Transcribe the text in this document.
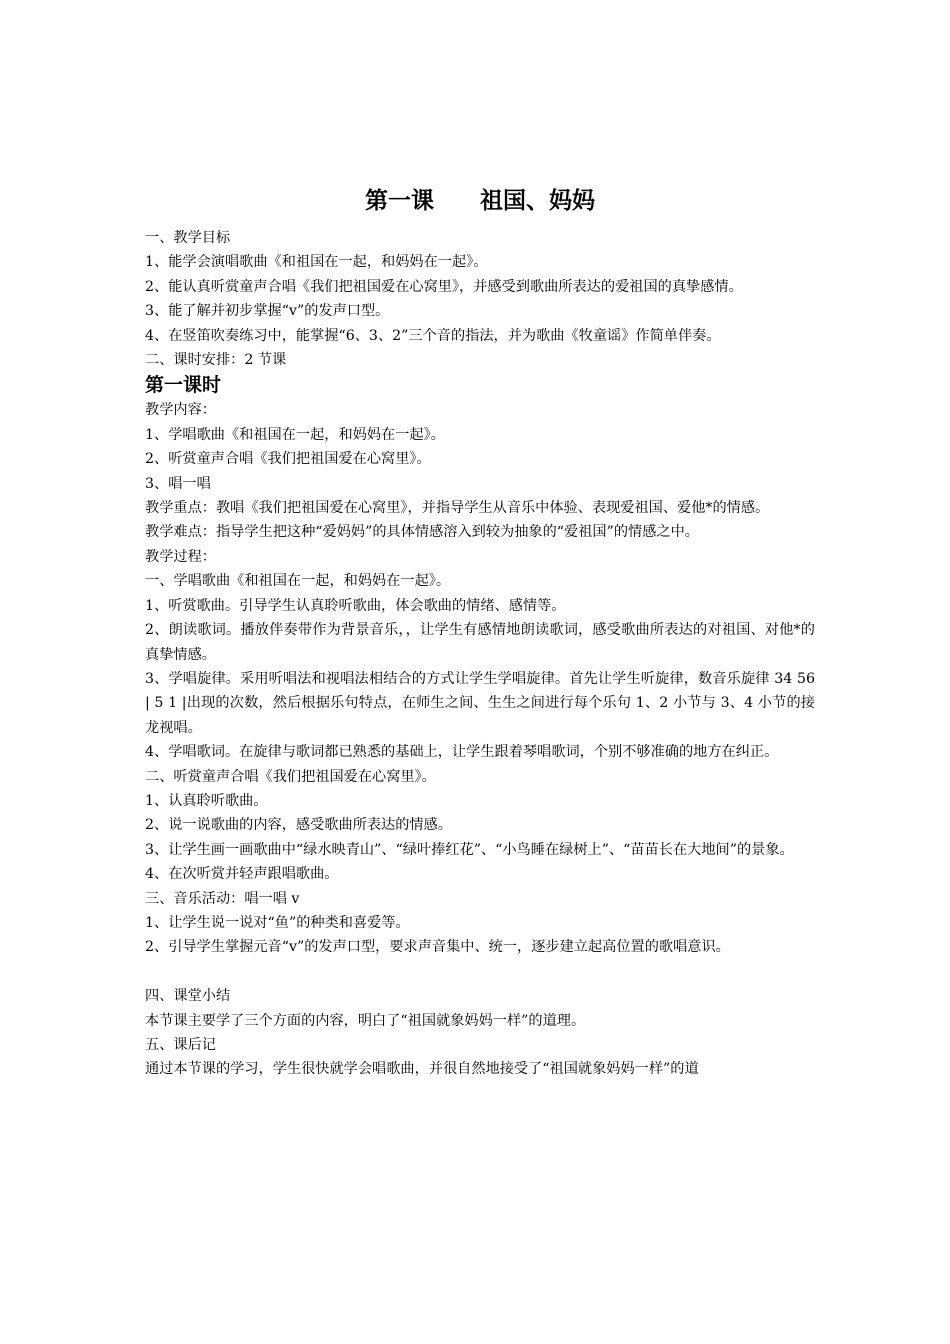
第一课　　祖国、妈妈
一、教学目标
1、能学会演唱歌曲《和祖国在一起，和妈妈在一起》。
2、能认真听赏童声合唱《我们把祖国爱在心窝里》，并感受到歌曲所表达的爱祖国的真挚感情。
3、能了解并初步掌握“v”的发声口型。
4、在竖笛吹奏练习中，能掌握“6、3、2”三个音的指法，并为歌曲《牧童谣》作简单伴奏。
二、课时安排：2 节课
第一课时
教学内容：
1、学唱歌曲《和祖国在一起，和妈妈在一起》。
2、听赏童声合唱《我们把祖国爱在心窝里》。
3、唱一唱
教学重点：教唱《我们把祖国爱在心窝里》，并指导学生从音乐中体验、表现爱祖国、爱他*的情感。
教学难点：指导学生把这种“爱妈妈”的具体情感溶入到较为抽象的“爱祖国”的情感之中。
教学过程：
一、学唱歌曲《和祖国在一起，和妈妈在一起》。
1、听赏歌曲。引导学生认真聆听歌曲，体会歌曲的情绪、感情等。
2、朗读歌词。播放伴奏带作为背景音乐，，让学生有感情地朗读歌词，感受歌曲所表达的对祖国、对他*的真挚情感。
3、学唱旋律。采用听唱法和视唱法相结合的方式让学生学唱旋律。首先让学生听旋律，数音乐旋律 34 56 | 5 1 |出现的次数，然后根据乐句特点，在师生之间、生生之间进行每个乐句 1、2 小节与 3、4 小节的接龙视唱。
4、学唱歌词。在旋律与歌词都已熟悉的基础上，让学生跟着琴唱歌词，个别不够准确的地方在纠正。
二、听赏童声合唱《我们把祖国爱在心窝里》。
1、认真聆听歌曲。
2、说一说歌曲的内容，感受歌曲所表达的情感。
3、让学生画一画歌曲中“绿水映青山”、“绿叶捧红花”、“小鸟睡在绿树上”、“苗苗长在大地间”的景象。
4、在次听赏并轻声跟唱歌曲。
三、音乐活动：唱一唱 v
1、让学生说一说对“鱼”的种类和喜爱等。
2、引导学生掌握元音“v”的发声口型，要求声音集中、统一，逐步建立起高位置的歌唱意识。
四、课堂小结
本节课主要学了三个方面的内容，明白了“祖国就象妈妈一样”的道理。
五、课后记
通过本节课的学习，学生很快就学会唱歌曲，并很自然地接受了“祖国就象妈妈一样”的道
